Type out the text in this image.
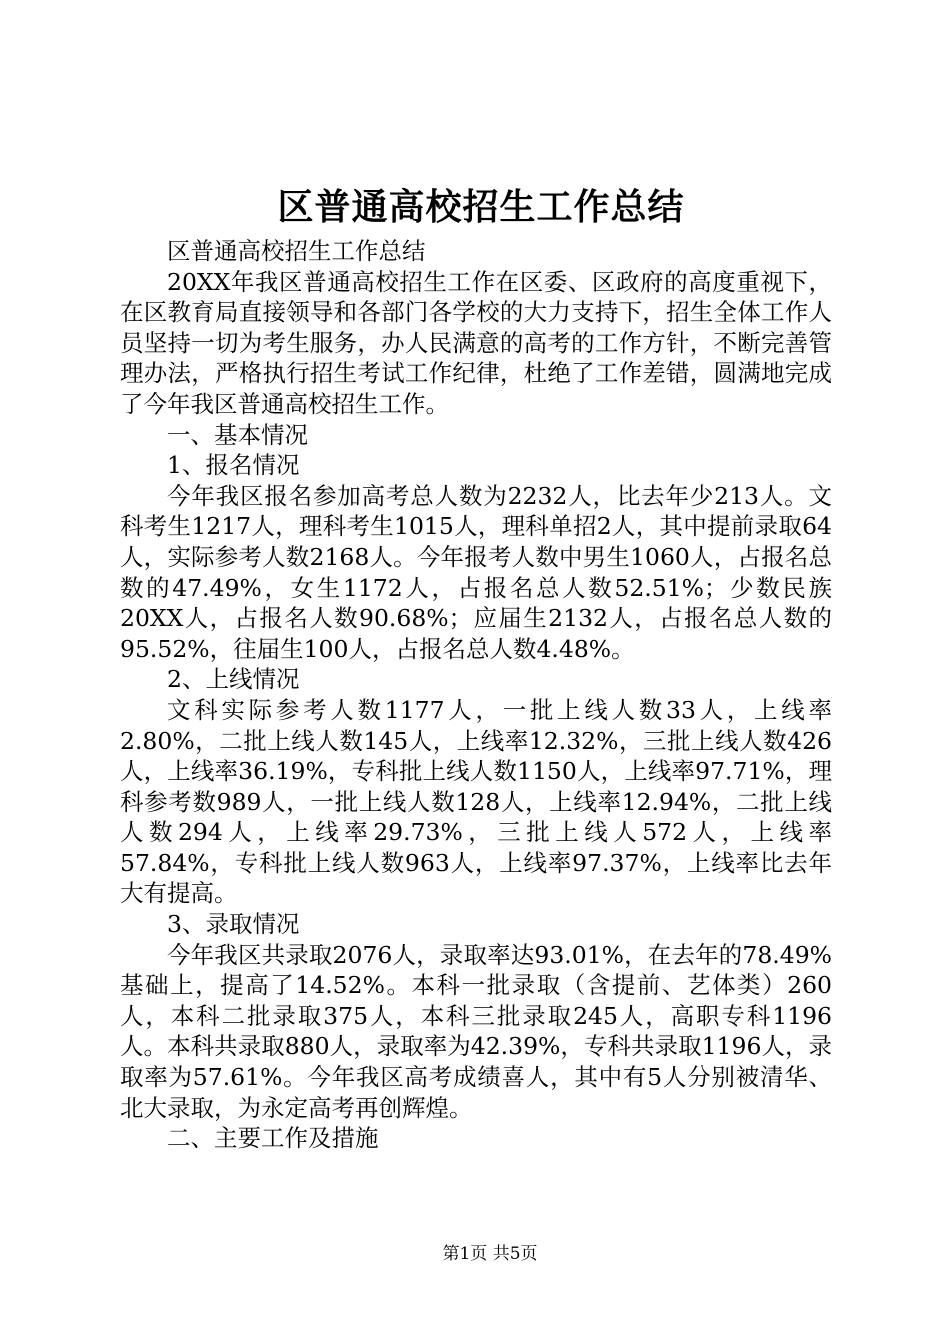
区普通高校招生工作总结

区普通高校招生工作总结

20XX年我区普通高校招生工作在区委、区政府的高度重视下，在区教育局直接领导和各部门各学校的大力支持下，招生全体工作人员坚持一切为考生服务，办人民满意的高考的工作方针，不断完善管理办法，严格执行招生考试工作纪律，杜绝了工作差错，圆满地完成了今年我区普通高校招生工作。

一、基本情况

1、报名情况

今年我区报名参加高考总人数为2232人，比去年少213人。文科考生1217人，理科考生1015人，理科单招2人，其中提前录取64人，实际参考人数2168人。今年报考人数中男生1060人，占报名总数的47.49%，女生1172人，占报名总人数52.51%；少数民族20XX人，占报名人数90.68%；应届生2132人，占报名总人数的95.52%，往届生100人，占报名总人数4.48%。

2、上线情况

文科实际参考人数1177人，一批上线人数33人，上线率2.80%，二批上线人数145人，上线率12.32%，三批上线人数426人，上线率36.19%，专科批上线人数1150人，上线率97.71%，理科参考数989人，一批上线人数128人，上线率12.94%，二批上线人数294人，上线率29.73%，三批上线人572人，上线率57.84%，专科批上线人数963人，上线率97.37%，上线率比去年大有提高。

3、录取情况

今年我区共录取2076人，录取率达93.01%，在去年的78.49%基础上，提高了14.52%。本科一批录取（含提前、艺体类）260人，本科二批录取375人，本科三批录取245人，高职专科1196人。本科共录取880人，录取率为42.39%，专科共录取1196人，录取率为57.61%。今年我区高考成绩喜人，其中有5人分别被清华、北大录取，为永定高考再创辉煌。

二、主要工作及措施

第1页 共5页
